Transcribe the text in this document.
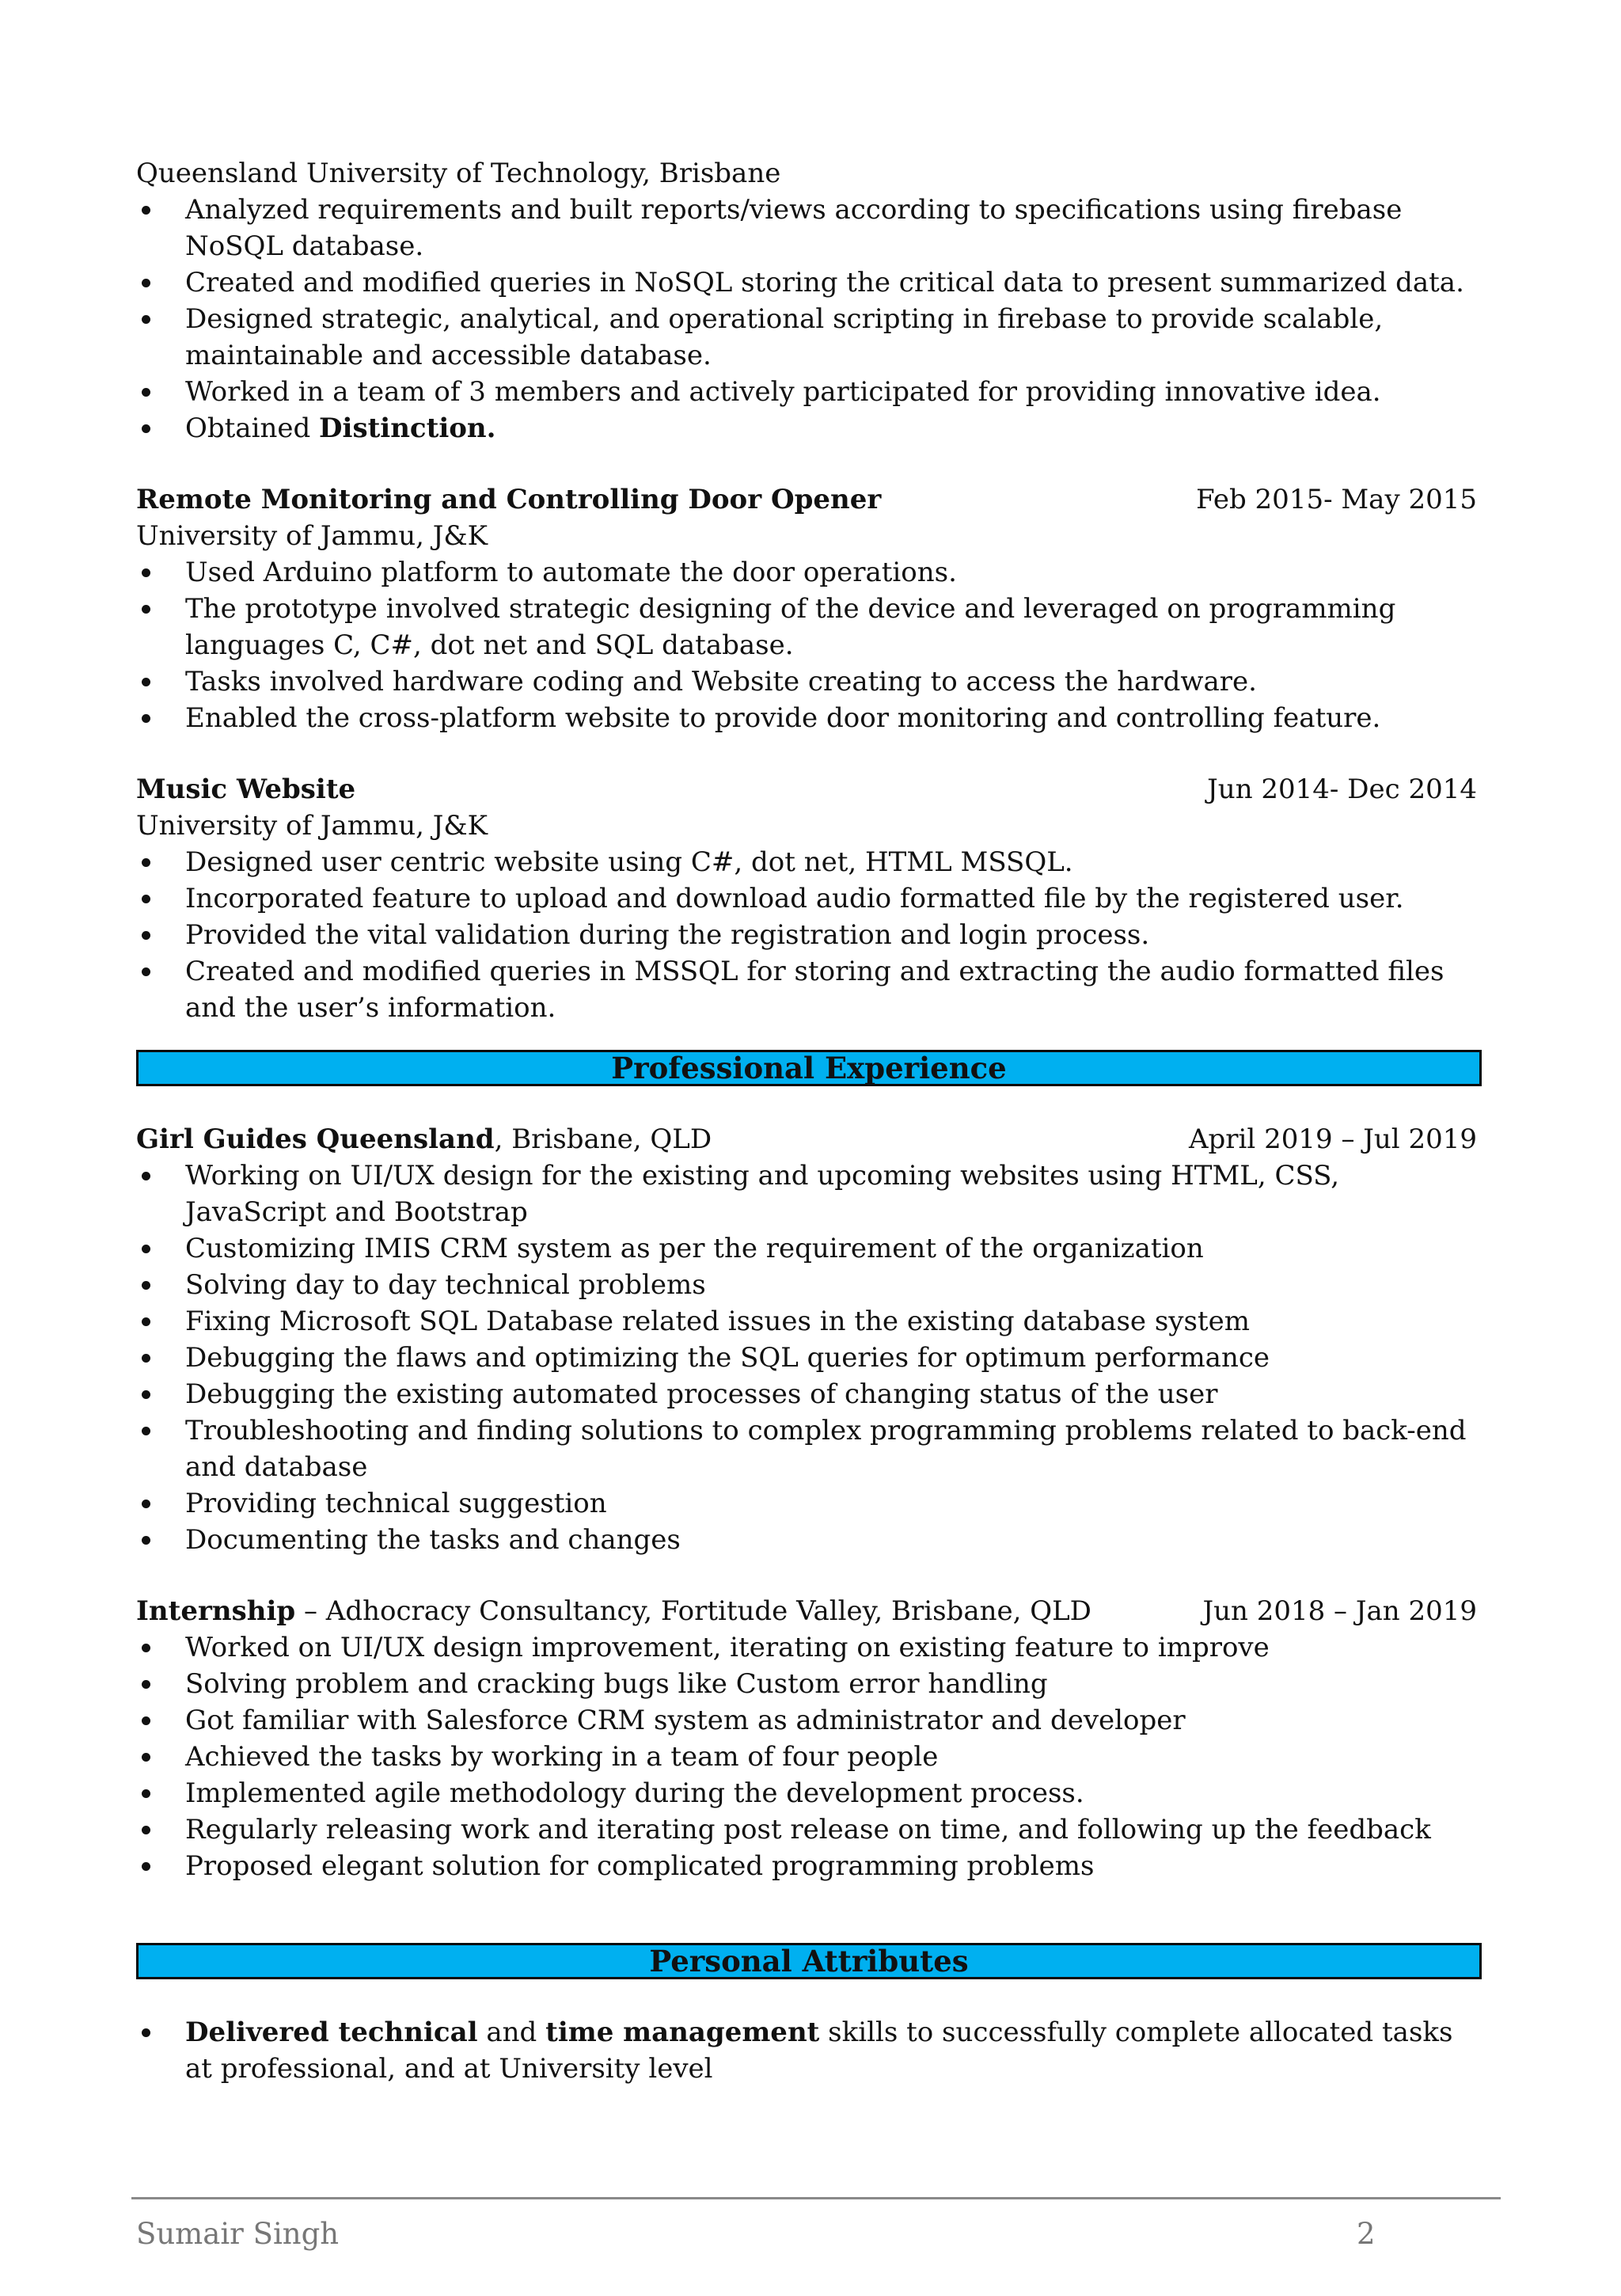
Queensland University of Technology, Brisbane

Analyzed requirements and built reports/views according to specifications using firebase NoSQL database.
Created and modified queries in NoSQL storing the critical data to present summarized data.
Designed strategic, analytical, and operational scripting in firebase to provide scalable, maintainable and accessible database.
Worked in a team of 3 members and actively participated for providing innovative idea.
Obtained Distinction.
Remote Monitoring and Controlling Door Opener	Feb 2015- May 2015

University of Jammu, J&K

Used Arduino platform to automate the door operations.
The prototype involved strategic designing of the device and leveraged on programming languages C, C#, dot net and SQL database.
Tasks involved hardware coding and Website creating to access the hardware.
Enabled the cross-platform website to provide door monitoring and controlling feature.
Music Website	Jun 2014- Dec 2014

University of Jammu, J&K

Designed user centric website using C#, dot net, HTML MSSQL.
Incorporated feature to upload and download audio formatted file by the registered user.
Provided the vital validation during the registration and login process.
Created and modified queries in MSSQL for storing and extracting the audio formatted files and the user’s information.
Professional Experience
Girl Guides Queensland, Brisbane, QLD	April 2019 – Jul 2019
Working on UI/UX design for the existing and upcoming websites using HTML, CSS, JavaScript and Bootstrap
Customizing IMIS CRM system as per the requirement of the organization
Solving day to day technical problems
Fixing Microsoft SQL Database related issues in the existing database system
Debugging the flaws and optimizing the SQL queries for optimum performance
Debugging the existing automated processes of changing status of the user
Troubleshooting and finding solutions to complex programming problems related to back-end and database
Providing technical suggestion
Documenting the tasks and changes
Internship – Adhocracy Consultancy, Fortitude Valley, Brisbane, QLD	Jun 2018 – Jan 2019
Worked on UI/UX design improvement, iterating on existing feature to improve
Solving problem and cracking bugs like Custom error handling
Got familiar with Salesforce CRM system as administrator and developer
Achieved the tasks by working in a team of four people
Implemented agile methodology during the development process.
Regularly releasing work and iterating post release on time, and following up the feedback
Proposed elegant solution for complicated programming problems
Personal Attributes
Delivered technical and time management skills to successfully complete allocated tasks at professional, and at University level
Sumair Singh	2
